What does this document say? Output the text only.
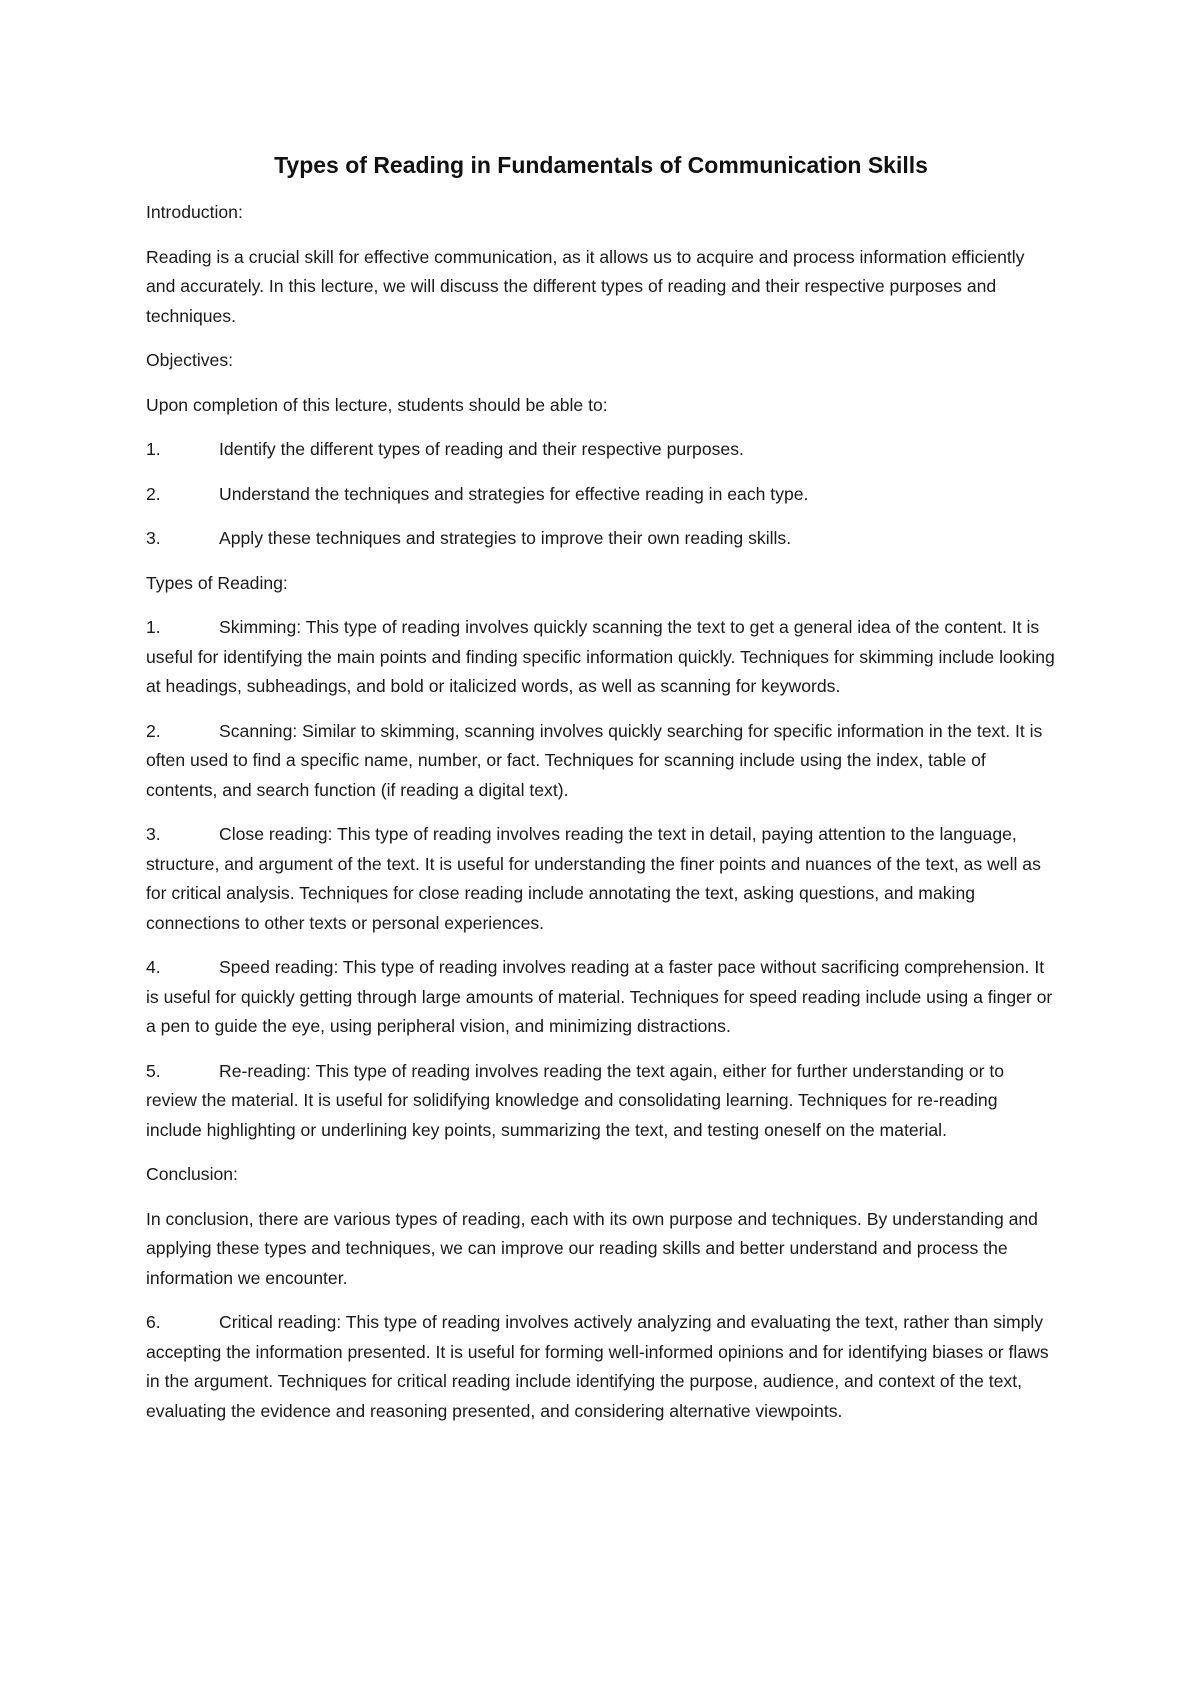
Types of Reading in Fundamentals of Communication Skills
Introduction:
Reading is a crucial skill for effective communication, as it allows us to acquire and process information efficiently and accurately. In this lecture, we will discuss the different types of reading and their respective purposes and techniques.
Objectives:
Upon completion of this lecture, students should be able to:
1.	Identify the different types of reading and their respective purposes.
2.	Understand the techniques and strategies for effective reading in each type.
3.	Apply these techniques and strategies to improve their own reading skills.
Types of Reading:
1.	Skimming: This type of reading involves quickly scanning the text to get a general idea of the content. It is useful for identifying the main points and finding specific information quickly. Techniques for skimming include looking at headings, subheadings, and bold or italicized words, as well as scanning for keywords.
2.	Scanning: Similar to skimming, scanning involves quickly searching for specific information in the text. It is often used to find a specific name, number, or fact. Techniques for scanning include using the index, table of contents, and search function (if reading a digital text).
3.	Close reading: This type of reading involves reading the text in detail, paying attention to the language, structure, and argument of the text. It is useful for understanding the finer points and nuances of the text, as well as for critical analysis. Techniques for close reading include annotating the text, asking questions, and making connections to other texts or personal experiences.
4.	Speed reading: This type of reading involves reading at a faster pace without sacrificing comprehension. It is useful for quickly getting through large amounts of material. Techniques for speed reading include using a finger or a pen to guide the eye, using peripheral vision, and minimizing distractions.
5.	Re-reading: This type of reading involves reading the text again, either for further understanding or to review the material. It is useful for solidifying knowledge and consolidating learning. Techniques for re-reading include highlighting or underlining key points, summarizing the text, and testing oneself on the material.
Conclusion:
In conclusion, there are various types of reading, each with its own purpose and techniques. By understanding and applying these types and techniques, we can improve our reading skills and better understand and process the information we encounter.
6.	Critical reading: This type of reading involves actively analyzing and evaluating the text, rather than simply accepting the information presented. It is useful for forming well-informed opinions and for identifying biases or flaws in the argument. Techniques for critical reading include identifying the purpose, audience, and context of the text, evaluating the evidence and reasoning presented, and considering alternative viewpoints.
